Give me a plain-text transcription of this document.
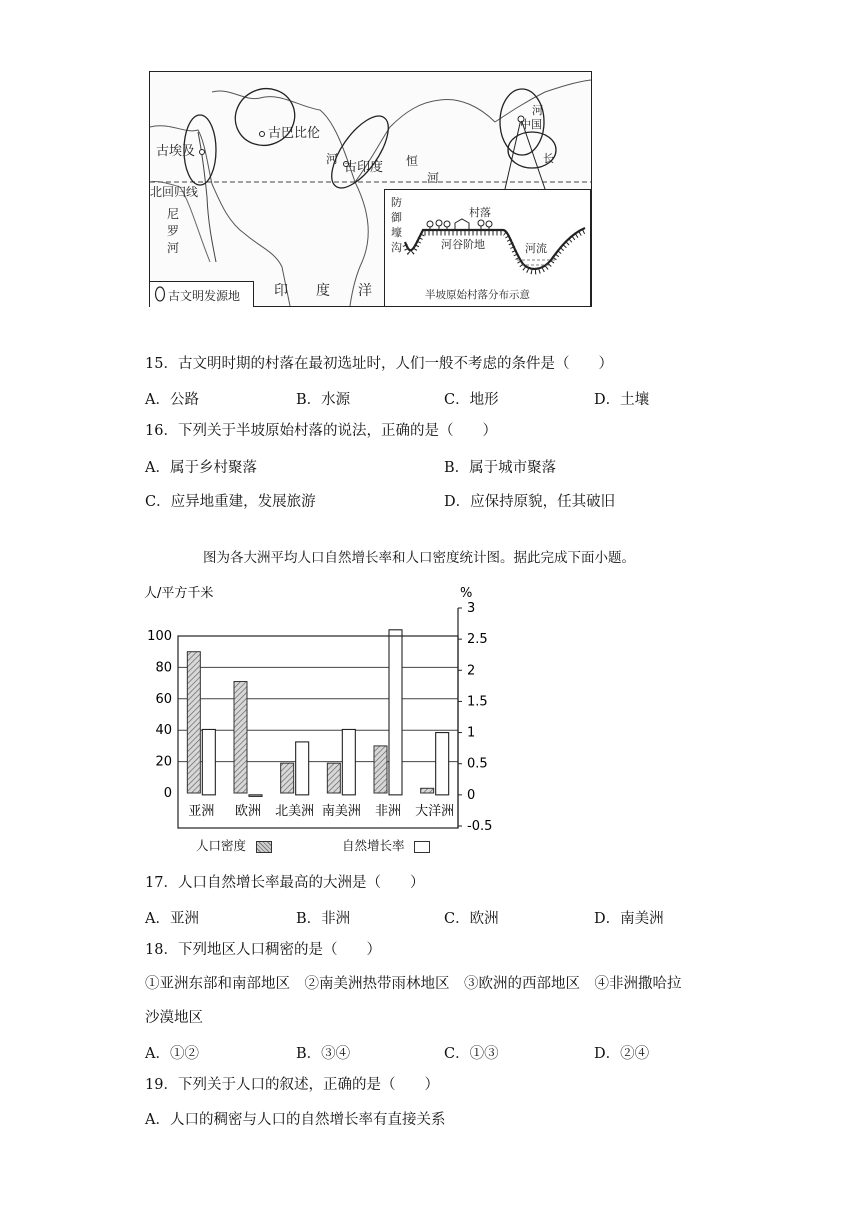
古埃及
古巴比伦
古印度
北回归线
尼
罗
河
河	恒
河
中国
河
长
印 度 洋
古文明发源地
防
御
壕
沟
村落
河谷阶地	河流
半坡原始村落分布示意
15．古文明时期的村落在最初选址时，人们一般不考虑的条件是（　　）
A．公路	B．水源	C．地形	D．土壤
16．下列关于半坡原始村落的说法，正确的是（　　）
A．属于乡村聚落	B．属于城市聚落
C．应异地重建，发展旅游	D．应保持原貌，任其破旧
图为各大洲平均人口自然增长率和人口密度统计图。据此完成下面小题。
100
80
60
40
20
0
3
2.5
2
1.5
1
0.5
0
-0.5
亚洲 欧洲 北美洲 南美洲 非洲 大洋洲
人/平方千米	%
人口密度	自然增长率
17．人口自然增长率最高的大洲是（　　）
A．亚洲	B．非洲	C．欧洲	D．南美洲
18．下列地区人口稠密的是（　　）
①亚洲东部和南部地区　②南美洲热带雨林地区　③欧洲的西部地区　④非洲撒哈拉
沙漠地区
A．①②	B．③④	C．①③	D．②④
19．下列关于人口的叙述，正确的是（　　）
A．人口的稠密与人口的自然增长率有直接关系
